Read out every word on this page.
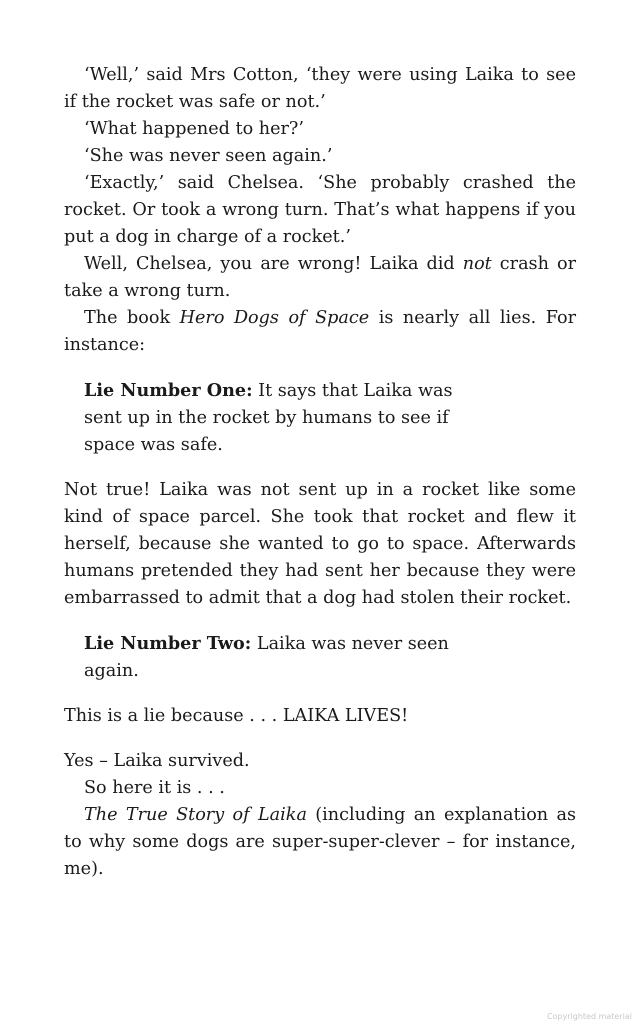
‘Well,’ said Mrs Cotton, ‘they were using Laika to see if the rocket was safe or not.’

‘What happened to her?’

‘She was never seen again.’

‘Exactly,’ said Chelsea. ‘She probably crashed the rocket. Or took a wrong turn. That’s what happens if you put a dog in charge of a rocket.’

Well, Chelsea, you are wrong! Laika did not crash or take a wrong turn.

The book Hero Dogs of Space is nearly all lies. For instance:

Lie Number One: It says that Laika was sent up in the rocket by humans to see if space was safe.

Not true! Laika was not sent up in a rocket like some kind of space parcel. She took that rocket and flew it herself, because she wanted to go to space. Afterwards humans pretended they had sent her because they were embarrassed to admit that a dog had stolen their rocket.

Lie Number Two: Laika was never seen again.

This is a lie because . . . LAIKA LIVES!

Yes – Laika survived.

So here it is . . .

The True Story of Laika (including an explanation as to why some dogs are super-super-clever – for instance, me).

Copyrighted material
